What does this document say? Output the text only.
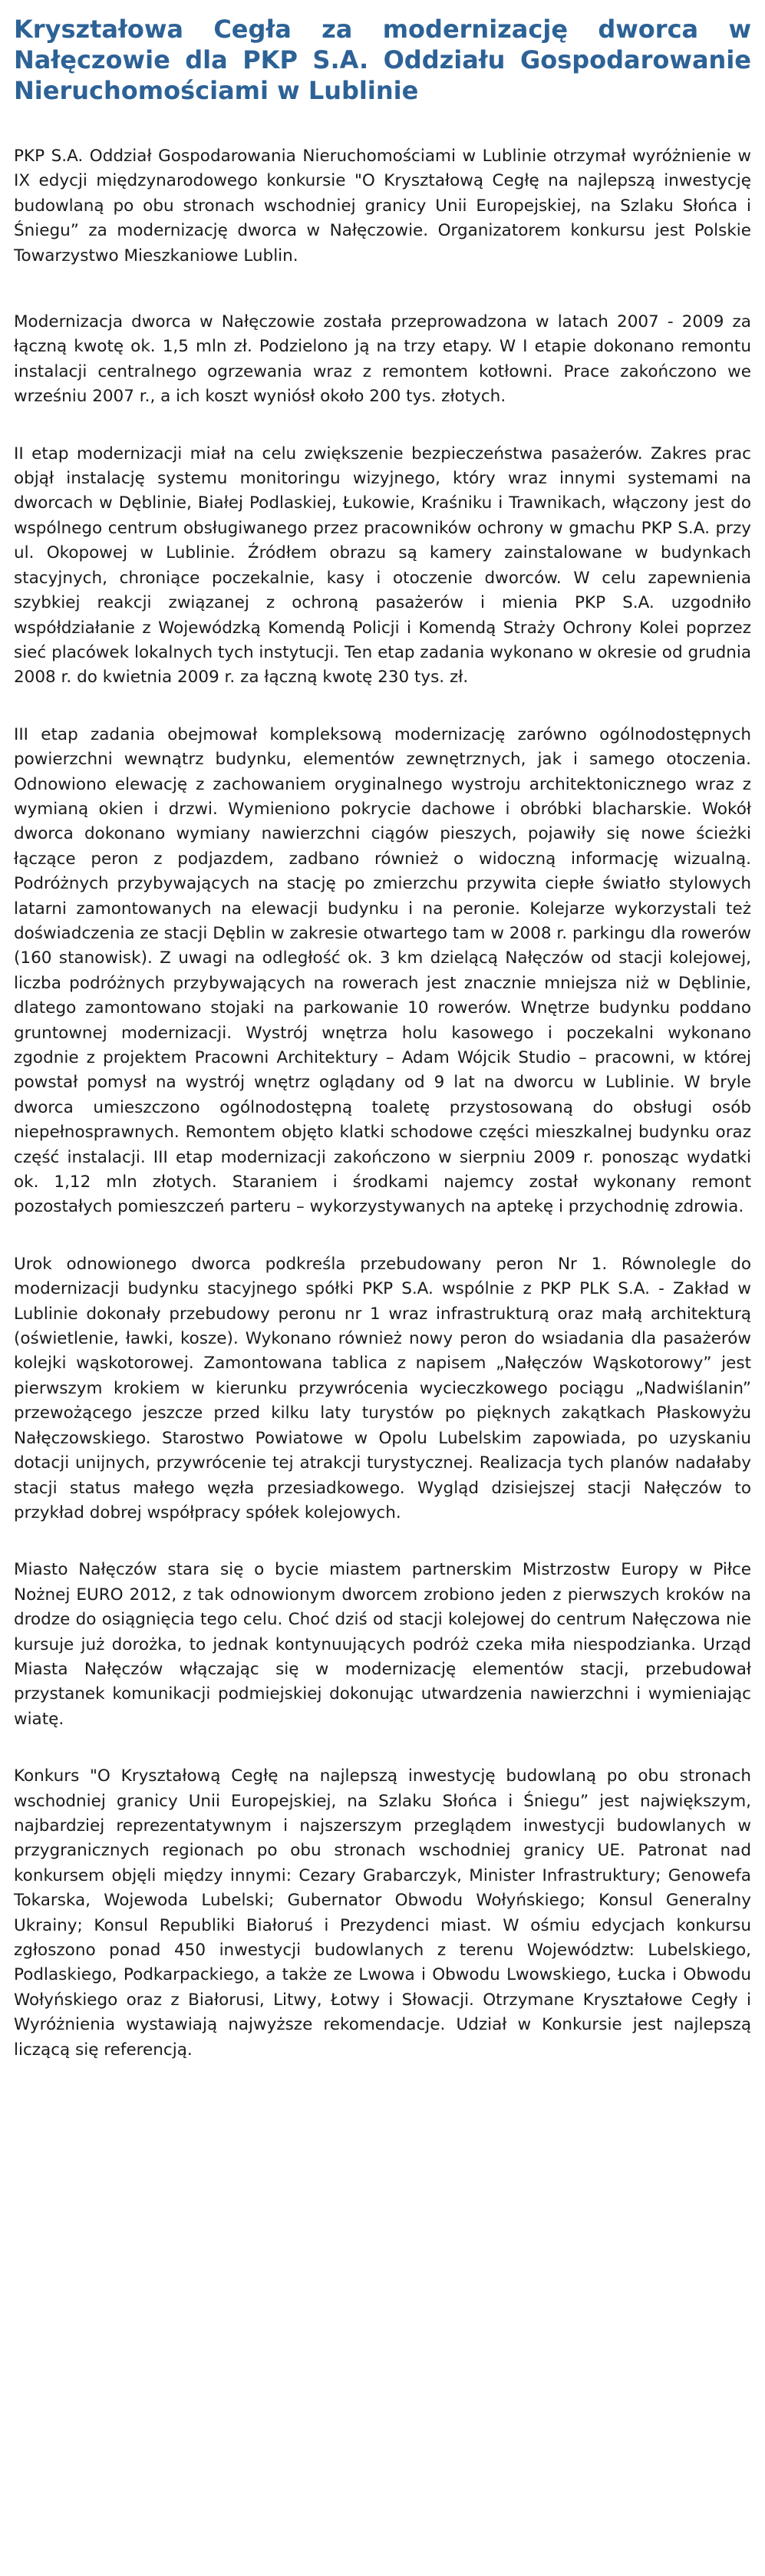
Kryształowa Cegła za modernizację dworca w Nałęczowie dla PKP S.A. Oddziału Gospodarowanie Nieruchomościami w Lublinie

PKP S.A. Oddział Gospodarowania Nieruchomościami w Lublinie otrzymał wyróżnienie w IX edycji międzynarodowego konkursie "O Kryształową Cegłę na najlepszą inwestycję budowlaną po obu stronach wschodniej granicy Unii Europejskiej, na Szlaku Słońca i Śniegu” za modernizację dworca w Nałęczowie. Organizatorem konkursu jest Polskie Towarzystwo Mieszkaniowe Lublin.

Modernizacja dworca w Nałęczowie została przeprowadzona w latach 2007 - 2009 za łączną kwotę ok. 1,5 mln zł. Podzielono ją na trzy etapy. W I etapie dokonano remontu instalacji centralnego ogrzewania wraz z remontem kotłowni. Prace zakończono we wrześniu 2007 r., a ich koszt wyniósł około 200 tys. złotych.

II etap modernizacji miał na celu zwiększenie bezpieczeństwa pasażerów. Zakres prac objął instalację systemu monitoringu wizyjnego, który wraz innymi systemami na dworcach w Dęblinie, Białej Podlaskiej, Łukowie, Kraśniku i Trawnikach, włączony jest do wspólnego centrum obsługiwanego przez pracowników ochrony w gmachu PKP S.A. przy ul. Okopowej w Lublinie. Źródłem obrazu są kamery zainstalowane w budynkach stacyjnych, chroniące poczekalnie, kasy i otoczenie dworców. W celu zapewnienia szybkiej reakcji związanej z ochroną pasażerów i mienia PKP S.A. uzgodniło współdziałanie z Wojewódzką Komendą Policji i Komendą Straży Ochrony Kolei poprzez sieć placówek lokalnych tych instytucji. Ten etap zadania wykonano w okresie od grudnia 2008 r. do kwietnia 2009 r. za łączną kwotę 230 tys. zł.

III etap zadania obejmował kompleksową modernizację zarówno ogólnodostępnych powierzchni wewnątrz budynku, elementów zewnętrznych, jak i samego otoczenia. Odnowiono elewację z zachowaniem oryginalnego wystroju architektonicznego wraz z wymianą okien i drzwi. Wymieniono pokrycie dachowe i obróbki blacharskie. Wokół dworca dokonano wymiany nawierzchni ciągów pieszych, pojawiły się nowe ścieżki łączące peron z podjazdem, zadbano również o widoczną informację wizualną. Podróżnych przybywających na stację po zmierzchu przywita ciepłe światło stylowych latarni zamontowanych na elewacji budynku i na peronie. Kolejarze wykorzystali też doświadczenia ze stacji Dęblin w zakresie otwartego tam w 2008 r. parkingu dla rowerów (160 stanowisk). Z uwagi na odległość ok. 3 km dzielącą Nałęczów od stacji kolejowej, liczba podróżnych przybywających na rowerach jest znacznie mniejsza niż w Dęblinie, dlatego zamontowano stojaki na parkowanie 10 rowerów. Wnętrze budynku poddano gruntownej modernizacji. Wystrój wnętrza holu kasowego i poczekalni wykonano zgodnie z projektem Pracowni Architektury – Adam Wójcik Studio – pracowni, w której powstał pomysł na wystrój wnętrz oglądany od 9 lat na dworcu w Lublinie. W bryle dworca umieszczono ogólnodostępną toaletę przystosowaną do obsługi osób niepełnosprawnych. Remontem objęto klatki schodowe części mieszkalnej budynku oraz część instalacji. III etap modernizacji zakończono w sierpniu 2009 r. ponosząc wydatki ok. 1,12 mln złotych. Staraniem i środkami najemcy został wykonany remont pozostałych pomieszczeń parteru – wykorzystywanych na aptekę i przychodnię zdrowia.

Urok odnowionego dworca podkreśla przebudowany peron Nr 1. Równolegle do modernizacji budynku stacyjnego spółki PKP S.A. wspólnie z PKP PLK S.A. - Zakład w Lublinie dokonały przebudowy peronu nr 1 wraz infrastrukturą oraz małą architekturą (oświetlenie, ławki, kosze). Wykonano również nowy peron do wsiadania dla pasażerów kolejki wąskotorowej. Zamontowana tablica z napisem „Nałęczów Wąskotorowy” jest pierwszym krokiem w kierunku przywrócenia wycieczkowego pociągu „Nadwiślanin” przewożącego jeszcze przed kilku laty turystów po pięknych zakątkach Płaskowyżu Nałęczowskiego. Starostwo Powiatowe w Opolu Lubelskim zapowiada, po uzyskaniu dotacji unijnych, przywrócenie tej atrakcji turystycznej. Realizacja tych planów nadałaby stacji status małego węzła przesiadkowego. Wygląd dzisiejszej stacji Nałęczów to przykład dobrej współpracy spółek kolejowych.

Miasto Nałęczów stara się o bycie miastem partnerskim Mistrzostw Europy w Piłce Nożnej EURO 2012, z tak odnowionym dworcem zrobiono jeden z pierwszych kroków na drodze do osiągnięcia tego celu. Choć dziś od stacji kolejowej do centrum Nałęczowa nie kursuje już dorożka, to jednak kontynuujących podróż czeka miła niespodzianka. Urząd Miasta Nałęczów włączając się w modernizację elementów stacji, przebudował przystanek komunikacji podmiejskiej dokonując utwardzenia nawierzchni i wymieniając wiatę.

Konkurs "O Kryształową Cegłę na najlepszą inwestycję budowlaną po obu stronach wschodniej granicy Unii Europejskiej, na Szlaku Słońca i Śniegu” jest największym, najbardziej reprezentatywnym i najszerszym przeglądem inwestycji budowlanych w przygranicznych regionach po obu stronach wschodniej granicy UE. Patronat nad konkursem objęli między innymi: Cezary Grabarczyk, Minister Infrastruktury; Genowefa Tokarska, Wojewoda Lubelski; Gubernator Obwodu Wołyńskiego; Konsul Generalny Ukrainy; Konsul Republiki Białoruś i Prezydenci miast. W ośmiu edycjach konkursu zgłoszono ponad 450 inwestycji budowlanych z terenu Województw: Lubelskiego, Podlaskiego, Podkarpackiego, a także ze Lwowa i Obwodu Lwowskiego, Łucka i Obwodu Wołyńskiego oraz z Białorusi, Litwy, Łotwy i Słowacji. Otrzymane Kryształowe Cegły i Wyróżnienia wystawiają najwyższe rekomendacje. Udział w Konkursie jest najlepszą liczącą się referencją.
